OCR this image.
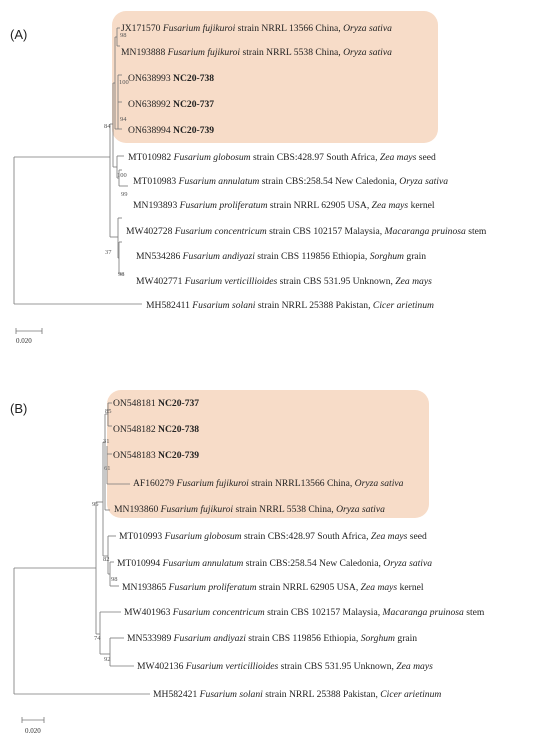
(A)	98
100
94
84
100
99
37
98
JX171570 Fusarium fujikuroi strain NRRL 13566 China, Oryza sativa
MN193888 Fusarium fujikuroi strain NRRL 5538 China, Oryza sativa
ON638993 NC20-738
ON638992 NC20-737
ON638994 NC20-739
MT010982 Fusarium globosum strain CBS:428.97 South Africa, Zea mays seed
MT010983 Fusarium annulatum strain CBS:258.54 New Caledonia, Oryza sativa
MN193893 Fusarium proliferatum strain NRRL 62905 USA, Zea mays kernel
MW402728 Fusarium concentricum strain CBS 102157 Malaysia, Macaranga pruinosa stem
MN534286 Fusarium andiyazi strain CBS 119856 Ethiopia, Sorghum grain
MW402771 Fusarium verticillioides strain CBS 531.95 Unknown, Zea mays
MH582411 Fusarium solani strain NRRL 25388 Pakistan, Cicer arietinum
0.020
(B)	85
31
61
95
82
98
74
92
ON548181 NC20-737
ON548182 NC20-738
ON548183 NC20-739
AF160279 Fusarium fujikuroi strain NRRL13566 China, Oryza sativa
MN193860 Fusarium fujikuroi strain NRRL 5538 China, Oryza sativa
MT010993 Fusarium globosum strain CBS:428.97 South Africa, Zea mays seed
MT010994 Fusarium annulatum strain CBS:258.54 New Caledonia, Oryza sativa
MN193865 Fusarium proliferatum strain NRRL 62905 USA, Zea mays kernel
MW401963 Fusarium concentricum strain CBS 102157 Malaysia, Macaranga pruinosa stem
MN533989 Fusarium andiyazi strain CBS 119856 Ethiopia, Sorghum grain
MW402136 Fusarium verticillioides strain CBS 531.95 Unknown, Zea mays
MH582421 Fusarium solani strain NRRL 25388 Pakistan, Cicer arietinum
0.020
